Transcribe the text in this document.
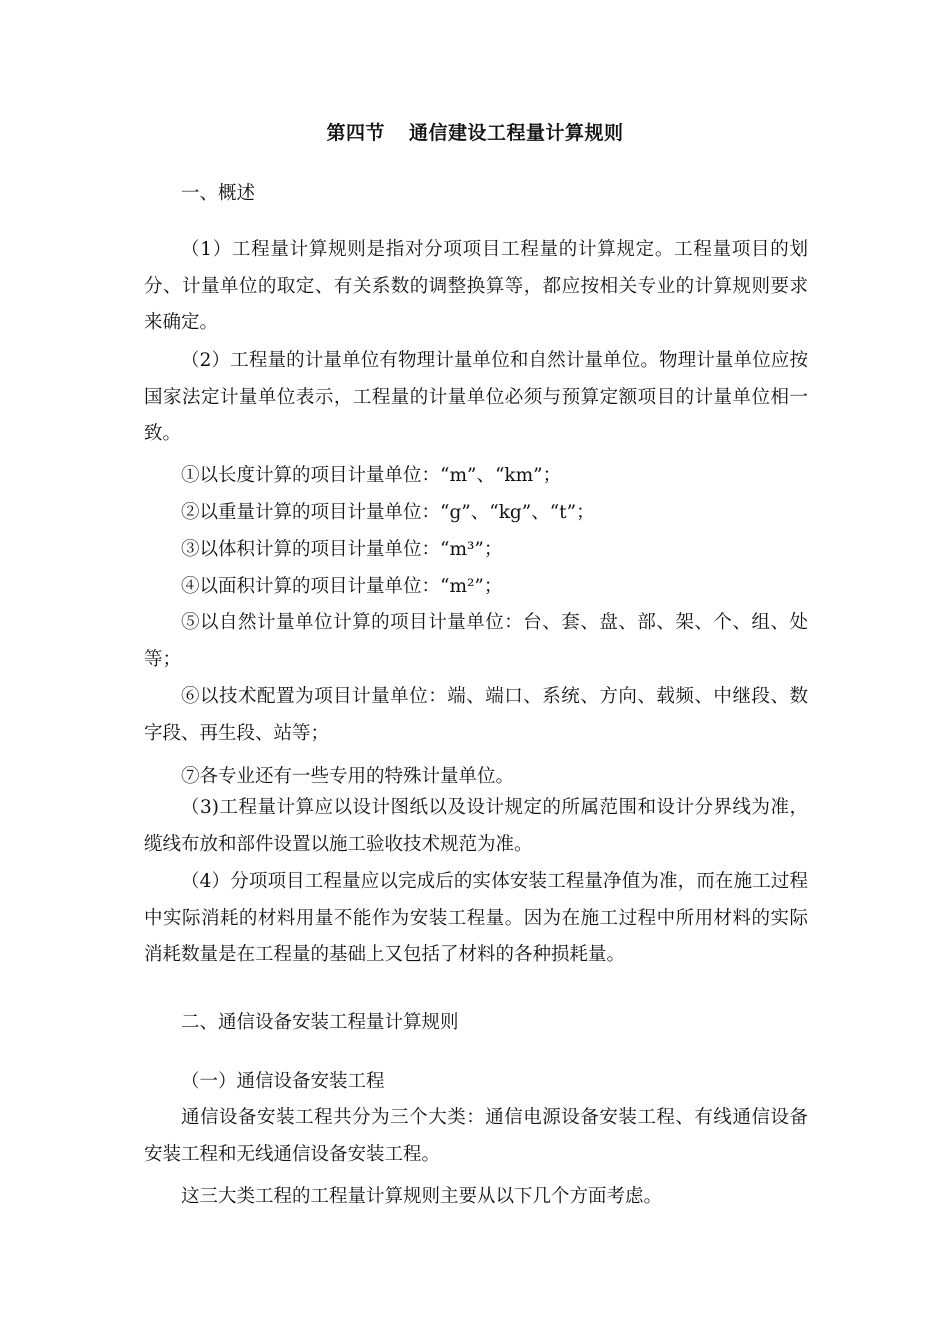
第四节 通信建设工程量计算规则
一、概述
（1）工程量计算规则是指对分项项目工程量的计算规定。工程量项目的划分、计量单位的取定、有关系数的调整换算等，都应按相关专业的计算规则要求来确定。
（2）工程量的计量单位有物理计量单位和自然计量单位。物理计量单位应按国家法定计量单位表示，工程量的计量单位必须与预算定额项目的计量单位相一致。
①以长度计算的项目计量单位：“m”、“km”；
②以重量计算的项目计量单位：“g”、“kg”、“t”；
③以体积计算的项目计量单位：“m³”；
④以面积计算的项目计量单位：“m²”；
⑤以自然计量单位计算的项目计量单位：台、套、盘、部、架、个、组、处等；
⑥以技术配置为项目计量单位：端、端口、系统、方向、载频、中继段、数字段、再生段、站等；
⑦各专业还有一些专用的特殊计量单位。
（3)工程量计算应以设计图纸以及设计规定的所属范围和设计分界线为准，缆线布放和部件设置以施工验收技术规范为准。
（4）分项项目工程量应以完成后的实体安装工程量净值为准，而在施工过程中实际消耗的材料用量不能作为安装工程量。因为在施工过程中所用材料的实际消耗数量是在工程量的基础上又包括了材料的各种损耗量。
二、通信设备安装工程量计算规则
（一）通信设备安装工程
通信设备安装工程共分为三个大类：通信电源设备安装工程、有线通信设备安装工程和无线通信设备安装工程。
这三大类工程的工程量计算规则主要从以下几个方面考虑。
